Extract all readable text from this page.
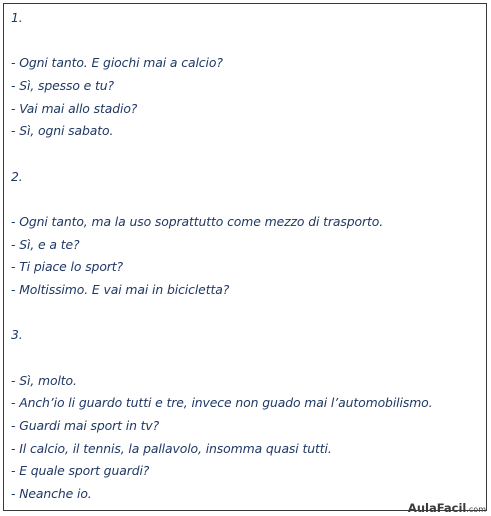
1.
- Ogni tanto. E giochi mai a calcio?
- Sì, spesso e tu?
- Vai mai allo stadio?
- Sì, ogni sabato.
2.
- Ogni tanto, ma la uso soprattutto come mezzo di trasporto.
- Sì, e a te?
- Ti piace lo sport?
- Moltissimo. E vai mai in bicicletta?
3.
- Sì, molto.
- Anch’io li guardo tutti e tre, invece non guado mai l’automobilismo.
- Guardi mai sport in tv?
- Il calcio, il tennis, la pallavolo, insomma quasi tutti.
- E quale sport guardi?
- Neanche io.
AulaFacil.com
